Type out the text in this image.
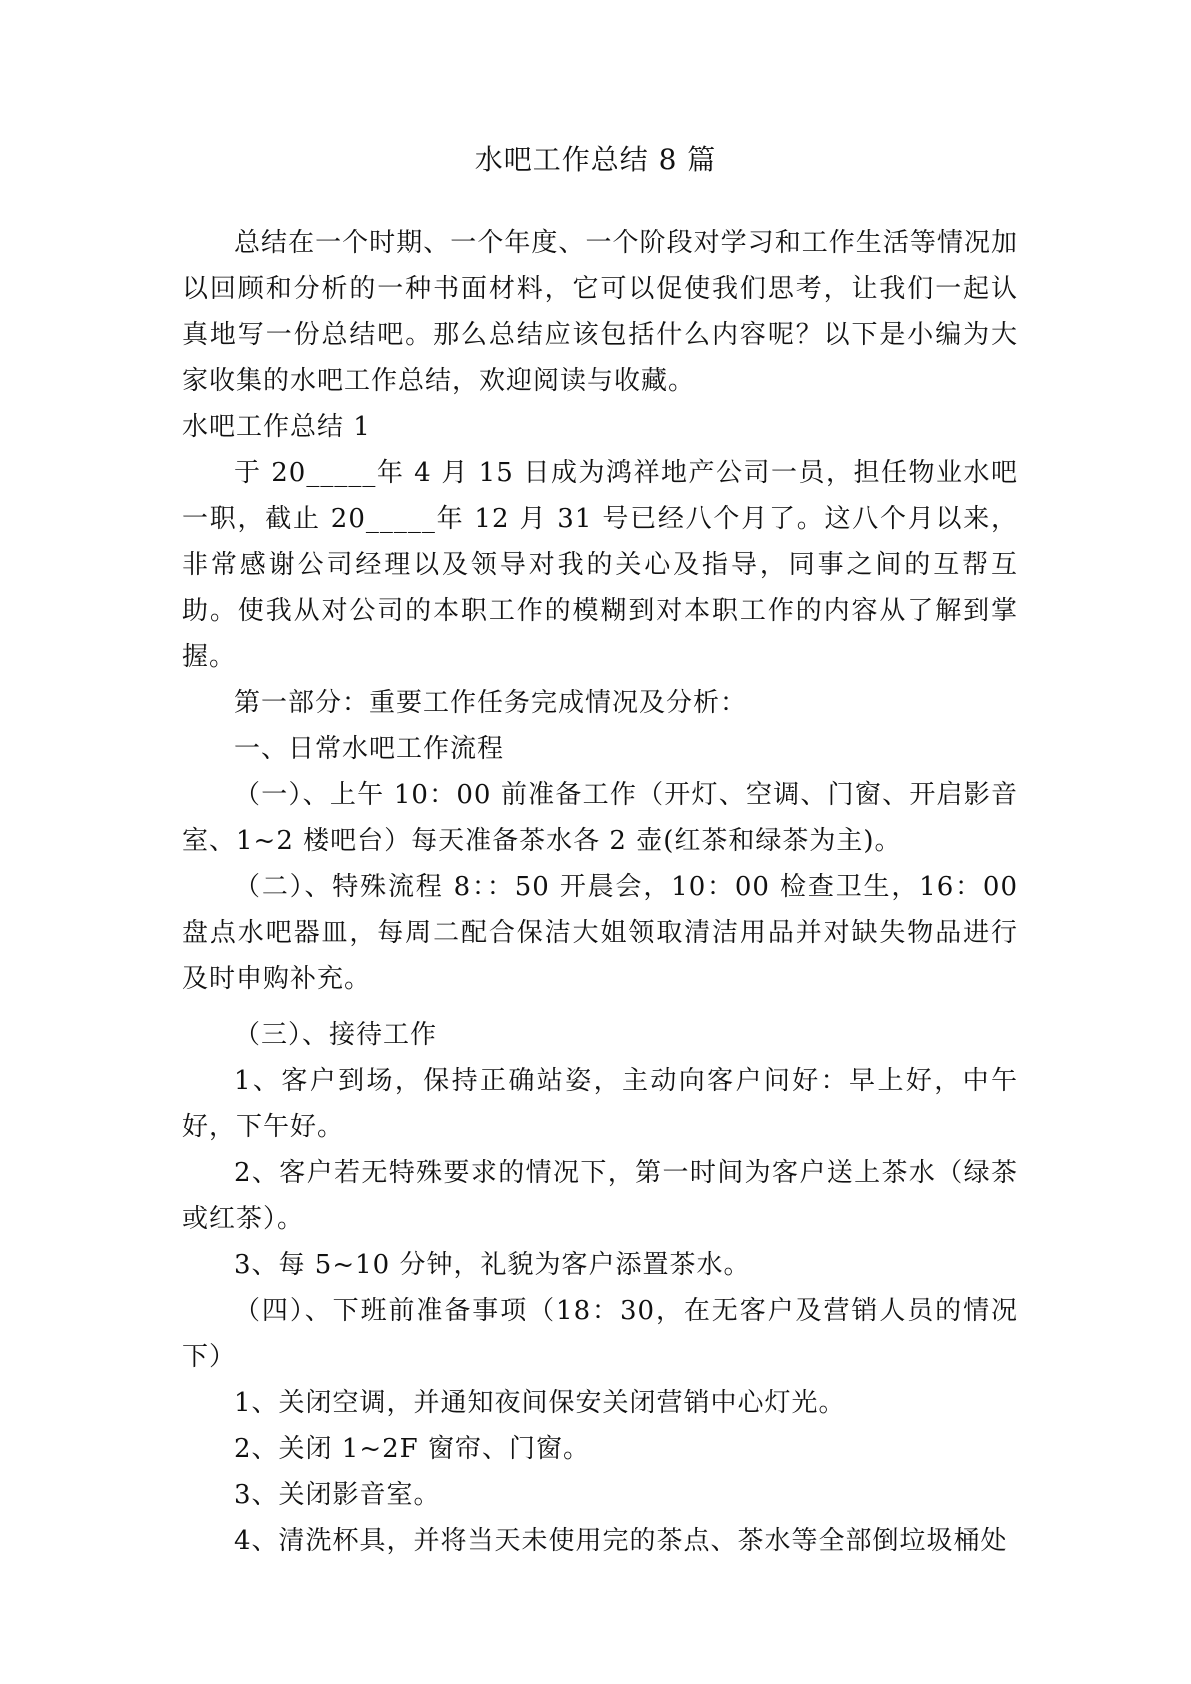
水吧工作总结 8 篇

总结在一个时期、一个年度、一个阶段对学习和工作生活等情况加以回顾和分析的一种书面材料，它可以促使我们思考，让我们一起认真地写一份总结吧。那么总结应该包括什么内容呢？以下是小编为大家收集的水吧工作总结，欢迎阅读与收藏。

水吧工作总结 1

于 20_____年 4 月 15 日成为鸿祥地产公司一员，担任物业水吧一职，截止 20_____年 12 月 31 号已经八个月了。这八个月以来，非常感谢公司经理以及领导对我的关心及指导，同事之间的互帮互助。使我从对公司的本职工作的模糊到对本职工作的内容从了解到掌握。

第一部分：重要工作任务完成情况及分析：

一、日常水吧工作流程

（一）、上午 10：00 前准备工作（开灯、空调、门窗、开启影音室、1~2 楼吧台）每天准备茶水各 2 壶(红茶和绿茶为主)。

（二）、特殊流程 8：：50 开晨会，10：00 检查卫生，16：00 盘点水吧器皿，每周二配合保洁大姐领取清洁用品并对缺失物品进行及时申购补充。

（三）、接待工作

1、客户到场，保持正确站姿，主动向客户问好：早上好，中午好，下午好。

2、客户若无特殊要求的情况下，第一时间为客户送上茶水（绿茶或红茶）。

3、每 5~10 分钟，礼貌为客户添置茶水。

（四）、下班前准备事项（18：30，在无客户及营销人员的情况下）

1、关闭空调，并通知夜间保安关闭营销中心灯光。

2、关闭 1~2F 窗帘、门窗。

3、关闭影音室。

4、清洗杯具，并将当天未使用完的茶点、茶水等全部倒垃圾桶处
